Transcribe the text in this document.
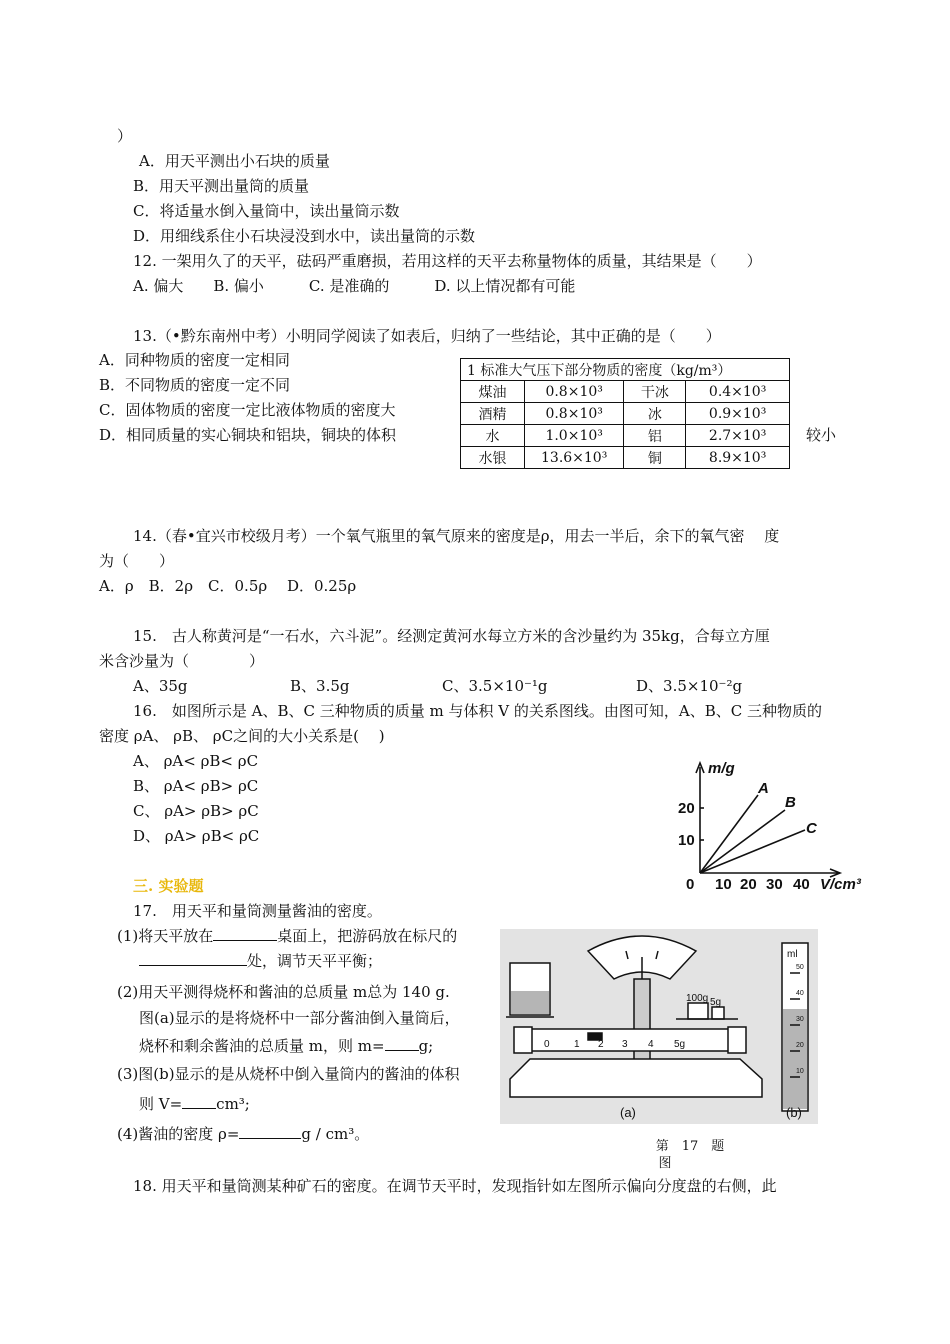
）
A．用天平测出小石块的质量
B．用天平测出量筒的质量
C．将适量水倒入量筒中，读出量筒示数
D．用细线系住小石块浸没到水中，读出量筒的示数
12. 一架用久了的天平，砝码严重磨损，若用这样的天平去称量物体的质量，其结果是（　　）
A. 偏大　　B. 偏小　　　C. 是准确的　　　D. 以上情况都有可能
13.（•黔东南州中考）小明同学阅读了如表后，归纳了一些结论，其中正确的是（　　）
A．同种物质的密度一定相同
B．不同物质的密度一定不同
C．固体物质的密度一定比液体物质的密度大
D．相同质量的实心铜块和铝块，铜块的体积	较小
1 标准大气压下部分物质的密度（kg/m³）			
煤油	0.8×10³	干冰	0.4×10³
酒精	0.8×10³	冰	0.9×10³
水	1.0×10³	铝	2.7×10³
水银	13.6×10³	铜	8.9×10³
14.（春•宜兴市校级月考）一个氧气瓶里的氧气原来的密度是ρ，用去一半后，余下的氧气密　 度
为（　　）
A．ρ　B．2ρ　C．0.5ρ　 D．0.25ρ
15.　古人称黄河是“一石水，六斗泥”。经测定黄河水每立方米的含沙量约为 35kg，合每立方厘
米含沙量为（　　　　）
A、35g	B、3.5g	C、3.5×10⁻¹g	D、3.5×10⁻²g
16.　如图所示是 A、B、C 三种物质的质量 m 与体积 V 的关系图线。由图可知，A、B、C 三种物质的
密度 ρA、 ρB、 ρC之间的大小关系是(　 )
A、 ρA< ρB< ρC
B、 ρA< ρB> ρC
C、 ρA> ρB> ρC
D、 ρA> ρB< ρC
m/g
20
10
0 10 20 30 40 V/cm³
A
B
C
三. 实验题
17.　用天平和量筒测量酱油的密度。
(1)将天平放在	桌面上，把游码放在标尺的
处，调节天平平衡；
(2)用天平测得烧杯和酱油的总质量 m总为 140 g.
图(a)显示的是将烧杯中一部分酱油倒入量筒后，
烧杯和剩余酱油的总质量 m，则 m= g;
(3)图(b)显示的是从烧杯中倒入量筒内的酱油的体积
则 V= cm³;
(4)酱油的密度 ρ=	g / cm³。
100g 5g
0 1 2 3 4 5g
ml
50
40
30
20
10
(a)	(b)
第　17　题
图
18. 用天平和量筒测某种矿石的密度。在调节天平时，发现指针如左图所示偏向分度盘的右侧，此
